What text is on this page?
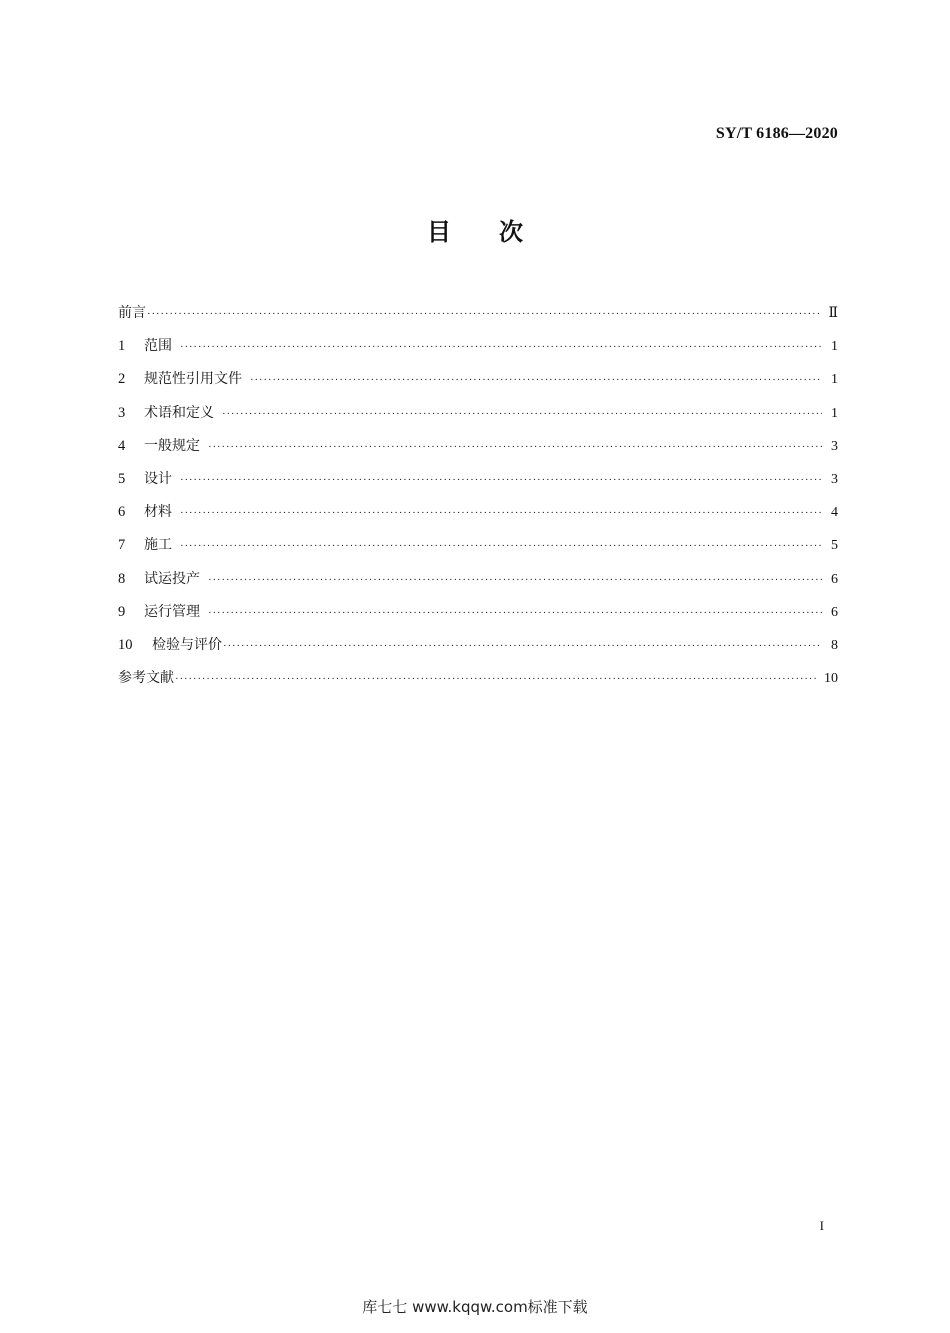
SY/T 6186—2020
目 次
前言 ·····	Ⅱ
1	范围 ·····	1
2	规范性引用文件 ·····	1
3	术语和定义 ·····	1
4	一般规定 ·····	3
5	设计 ·····	3
6	材料 ·····	4
7	施工 ·····	5
8	试运投产 ·····	6
9	运行管理 ·····	6
10	检验与评价 ·····	8
参考文献 ·····	10
I
库七七 www.kqqw.com标准下载
